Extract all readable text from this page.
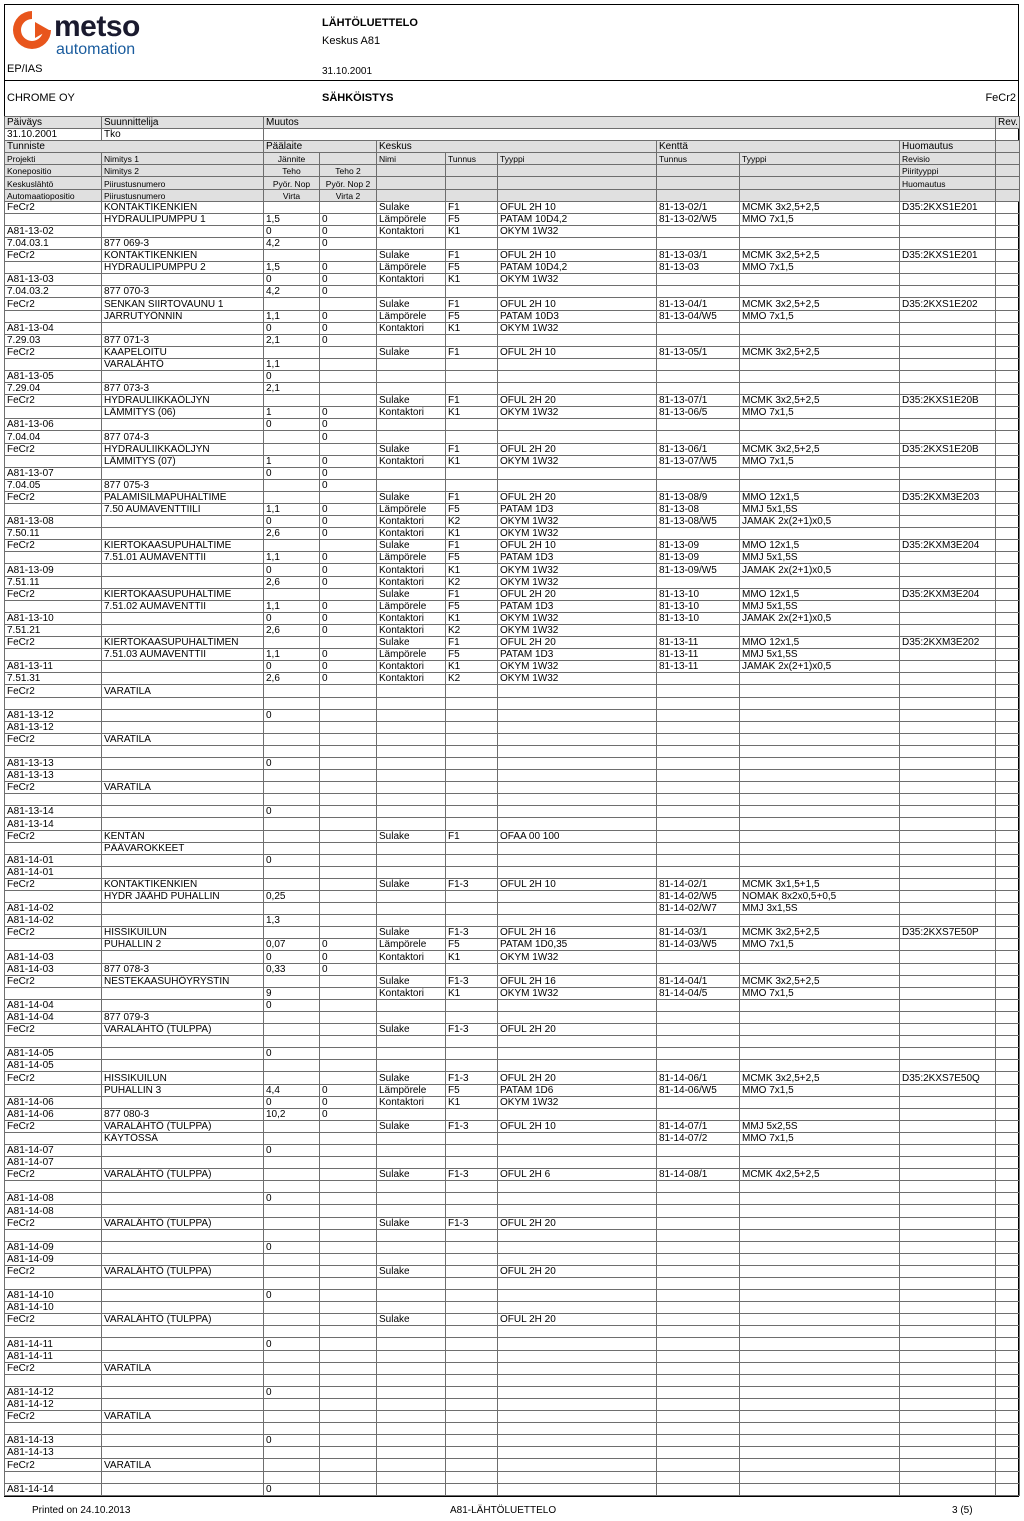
metso
automation
LÄHTÖLUETTELO
Keskus A81
EP/IAS	31.10.2001
CHROME OY	SÄHKÖISTYS	FeCr2
Päiväys	Suunnittelija	Muutos								Rev.
31.10.2001	Tko									
Tunniste		Päälaite		Keskus			Kenttä		Huomautus	
Projekti	Nimitys 1	Jännite		Nimi	Tunnus	Tyyppi	Tunnus	Tyyppi	Revisio	
Konepositio	Nimitys 2	Teho	Teho 2						Piirityyppi	
Keskuslähtö	Piirustusnumero	Pyör. Nop	Pyör. Nop 2						Huomautus	
Automaatiopositio	Piirustusnumero	Virta	Virta 2							
FeCr2	KONTAKTIKENKIEN			Sulake	F1	OFUL 2H 10	81-13-02/1	MCMK 3x2,5+2,5	D35:2KXS1E201	
	HYDRAULIPUMPPU 1	1,5	0	Lämpörele	F5	PATAM 10D4,2	81-13-02/W5	MMO 7x1,5		
A81-13-02		0	0	Kontaktori	K1	OKYM 1W32				
7.04.03.1	877 069-3	4,2	0							
FeCr2	KONTAKTIKENKIEN			Sulake	F1	OFUL 2H 10	81-13-03/1	MCMK 3x2,5+2,5	D35:2KXS1E201	
	HYDRAULIPUMPPU 2	1,5	0	Lämpörele	F5	PATAM 10D4,2	81-13-03	MMO 7x1,5		
A81-13-03		0	0	Kontaktori	K1	OKYM 1W32				
7.04.03.2	877 070-3	4,2	0							
FeCr2	SENKAN SIIRTOVAUNU 1			Sulake	F1	OFUL 2H 10	81-13-04/1	MCMK 3x2,5+2,5	D35:2KXS1E202	
	JARRUTYÖNNIN	1,1	0	Lämpörele	F5	PATAM 10D3	81-13-04/W5	MMO 7x1,5		
A81-13-04		0	0	Kontaktori	K1	OKYM 1W32				
7.29.03	877 071-3	2,1	0							
FeCr2	KAAPELOITU			Sulake	F1	OFUL 2H 10	81-13-05/1	MCMK 3x2,5+2,5		
	VARALÄHTÖ	1,1								
A81-13-05		0								
7.29.04	877 073-3	2,1								
FeCr2	HYDRAULIIKKAÖLJYN			Sulake	F1	OFUL 2H 20	81-13-07/1	MCMK 3x2,5+2,5	D35:2KXS1E20B	
	LÄMMITYS (06)	1	0	Kontaktori	K1	OKYM 1W32	81-13-06/5	MMO 7x1,5		
A81-13-06		0	0							
7.04.04	877 074-3		0							
FeCr2	HYDRAULIIKKAÖLJYN			Sulake	F1	OFUL 2H 20	81-13-06/1	MCMK 3x2,5+2,5	D35:2KXS1E20B	
	LÄMMITYS (07)	1	0	Kontaktori	K1	OKYM 1W32	81-13-07/W5	MMO 7x1,5		
A81-13-07		0	0							
7.04.05	877 075-3		0							
FeCr2	PALAMISILMAPUHALTIME			Sulake	F1	OFUL 2H 20	81-13-08/9	MMO 12x1,5	D35:2KXM3E203	
	7.50 AUMAVENTTIILI	1,1	0	Lämpörele	F5	PATAM 1D3	81-13-08	MMJ 5x1,5S		
A81-13-08		0	0	Kontaktori	K2	OKYM 1W32	81-13-08/W5	JAMAK 2x(2+1)x0,5		
7.50.11		2,6	0	Kontaktori	K1	OKYM 1W32				
FeCr2	KIERTOKAASUPUHALTIME			Sulake	F1	OFUL 2H 10	81-13-09	MMO 12x1,5	D35:2KXM3E204	
	7.51.01 AUMAVENTTII	1,1	0	Lämpörele	F5	PATAM 1D3	81-13-09	MMJ 5x1,5S		
A81-13-09		0	0	Kontaktori	K1	OKYM 1W32	81-13-09/W5	JAMAK 2x(2+1)x0,5		
7.51.11		2,6	0	Kontaktori	K2	OKYM 1W32				
FeCr2	KIERTOKAASUPUHALTIME			Sulake	F1	OFUL 2H 20	81-13-10	MMO 12x1,5	D35:2KXM3E204	
	7.51.02 AUMAVENTTII	1,1	0	Lämpörele	F5	PATAM 1D3	81-13-10	MMJ 5x1,5S		
A81-13-10		0	0	Kontaktori	K1	OKYM 1W32	81-13-10	JAMAK 2x(2+1)x0,5		
7.51.21		2,6	0	Kontaktori	K2	OKYM 1W32				
FeCr2	KIERTOKAASUPUHALTIMEN			Sulake	F1	OFUL 2H 20	81-13-11	MMO 12x1,5	D35:2KXM3E202	
	7.51.03 AUMAVENTTII	1,1	0	Lämpörele	F5	PATAM 1D3	81-13-11	MMJ 5x1,5S		
A81-13-11		0	0	Kontaktori	K1	OKYM 1W32	81-13-11	JAMAK 2x(2+1)x0,5		
7.51.31		2,6	0	Kontaktori	K2	OKYM 1W32				
FeCr2	VARATILA									

A81-13-12		0								
A81-13-12										
FeCr2	VARATILA									

A81-13-13		0								
A81-13-13										
FeCr2	VARATILA									

A81-13-14		0								
A81-13-14										
FeCr2	KENTÄN			Sulake	F1	OFAA 00 100				
	PÄÄVAROKKEET									
A81-14-01		0								
A81-14-01										
FeCr2	KONTAKTIKENKIEN			Sulake	F1-3	OFUL 2H 10	81-14-02/1	MCMK 3x1,5+1,5		
	HYDR JÄÄHD PUHALLIN	0,25					81-14-02/W5	NOMAK 8x2x0,5+0,5		
A81-14-02							81-14-02/W7	MMJ 3x1,5S		
A81-14-02		1,3								
FeCr2	HISSIKUILUN			Sulake	F1-3	OFUL 2H 16	81-14-03/1	MCMK 3x2,5+2,5	D35:2KXS7E50P	
	PUHALLIN 2	0,07	0	Lämpörele	F5	PATAM 1D0,35	81-14-03/W5	MMO 7x1,5		
A81-14-03		0	0	Kontaktori	K1	OKYM 1W32				
A81-14-03	877 078-3	0,33	0							
FeCr2	NESTEKAASUHÖYRYSTIN			Sulake	F1-3	OFUL 2H 16	81-14-04/1	MCMK 3x2,5+2,5		
		9		Kontaktori	K1	OKYM 1W32	81-14-04/5	MMO 7x1,5		
A81-14-04		0								
A81-14-04	877 079-3									
FeCr2	VARALÄHTÖ (TULPPA)			Sulake	F1-3	OFUL 2H 20				

A81-14-05		0								
A81-14-05										
FeCr2	HISSIKUILUN			Sulake	F1-3	OFUL 2H 20	81-14-06/1	MCMK 3x2,5+2,5	D35:2KXS7E50Q	
	PUHALLIN 3	4,4	0	Lämpörele	F5	PATAM 1D6	81-14-06/W5	MMO 7x1,5		
A81-14-06		0	0	Kontaktori	K1	OKYM 1W32				
A81-14-06	877 080-3	10,2	0							
FeCr2	VARALÄHTÖ (TULPPA)			Sulake	F1-3	OFUL 2H 10	81-14-07/1	MMJ 5x2,5S		
	KÄYTÖSSÄ						81-14-07/2	MMO 7x1,5		
A81-14-07		0								
A81-14-07										
FeCr2	VARALÄHTÖ (TULPPA)			Sulake	F1-3	OFUL 2H 6	81-14-08/1	MCMK 4x2,5+2,5		

A81-14-08		0								
A81-14-08										
FeCr2	VARALÄHTÖ (TULPPA)			Sulake	F1-3	OFUL 2H 20				

A81-14-09		0								
A81-14-09										
FeCr2	VARALÄHTÖ (TULPPA)			Sulake		OFUL 2H 20				

A81-14-10		0								
A81-14-10										
FeCr2	VARALÄHTÖ (TULPPA)			Sulake		OFUL 2H 20				

A81-14-11		0								
A81-14-11										
FeCr2	VARATILA									

A81-14-12		0								
A81-14-12										
FeCr2	VARATILA									

A81-14-13		0								
A81-14-13										
FeCr2	VARATILA									

A81-14-14		0								
Printed on 24.10.2013	A81-LÄHTÖLUETTELO	3 (5)
